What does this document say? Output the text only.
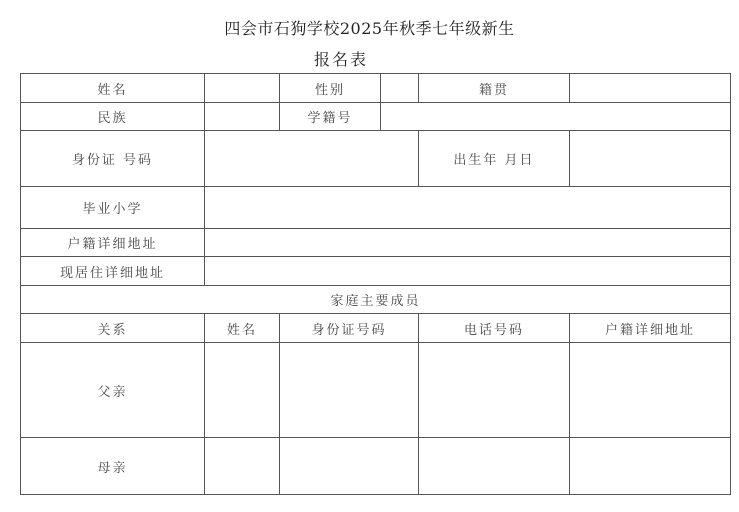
四会市石狗学校2025年秋季七年级新生
报名表
姓名		性别		籍贯	
民族		学籍号			
身份证 号码				出生年 月日	
毕业小学					
户籍详细地址					
现居住详细地址					
家庭主要成员					
关系	姓名	身份证号码		电话号码	户籍详细地址
父亲					
母亲					
